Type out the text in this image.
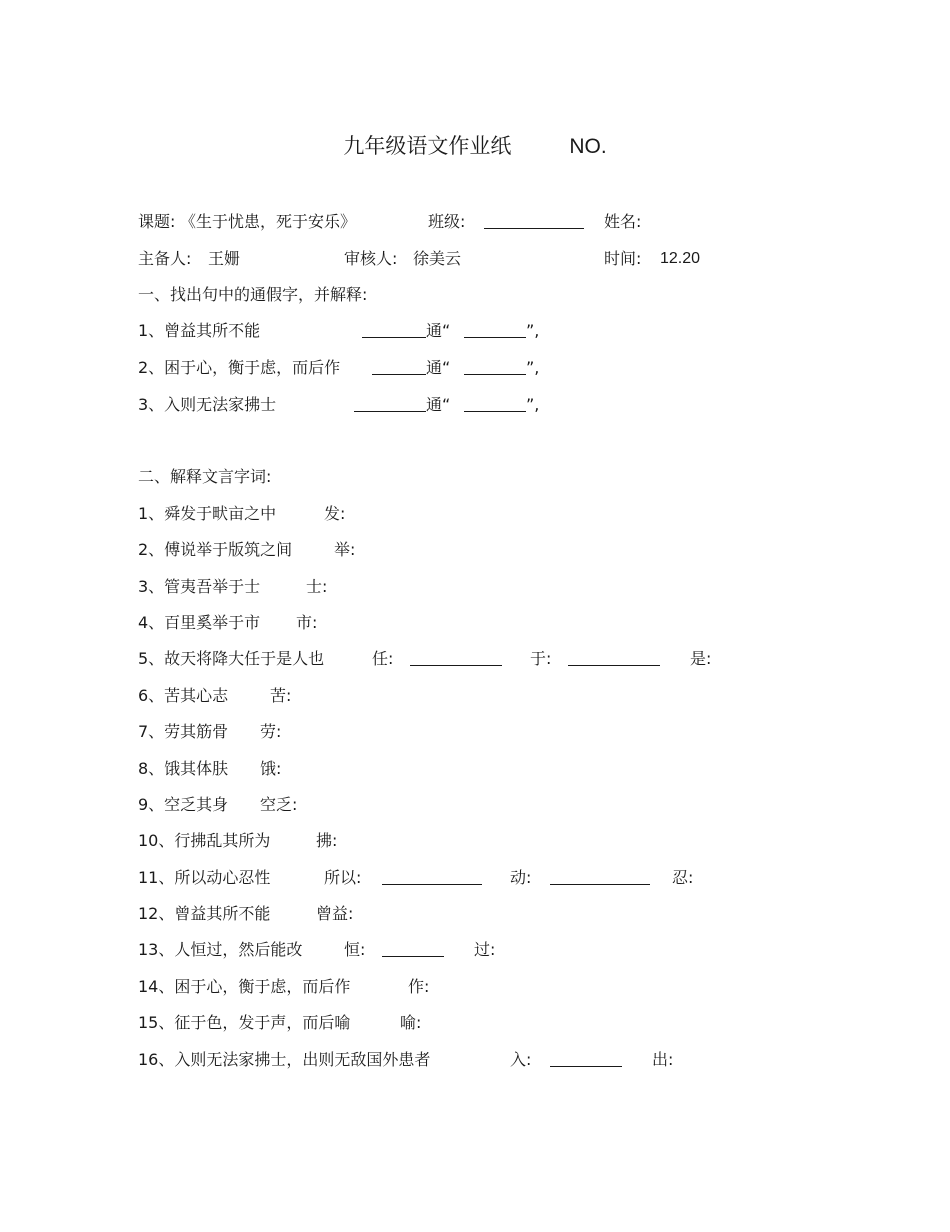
九年级语文作业纸	NO.
课题: 《生于忧患，死于安乐》	班级:	姓名:
主备人: 王姗	审核人: 徐美云	时间: 12.20
一、找出句中的通假字，并解释:
1、曾益其所不能	通“	”,
2、困于心，衡于虑，而后作	通“	”,
3、入则无法家拂士	通“	”,
二、解释文言字词:
1、舜发于畎亩之中	发:
2、傅说举于版筑之间	举:
3、管夷吾举于士	士:
4、百里奚举于市 市:
5、故天将降大任于是人也	任:	于:	是:
6、苦其心志	苦:
7、劳其筋骨 劳:
8、饿其体肤 饿:
9、空乏其身 空乏:
10、行拂乱其所为	拂:
11、所以动心忍性	所以:	动:	忍:
12、曾益其所不能	曾益:
13、人恒过，然后能改	恒:	过:
14、困于心，衡于虑，而后作	作:
15、征于色，发于声，而后喻	喻:
16、入则无法家拂士，出则无敌国外患者	入:	出:
